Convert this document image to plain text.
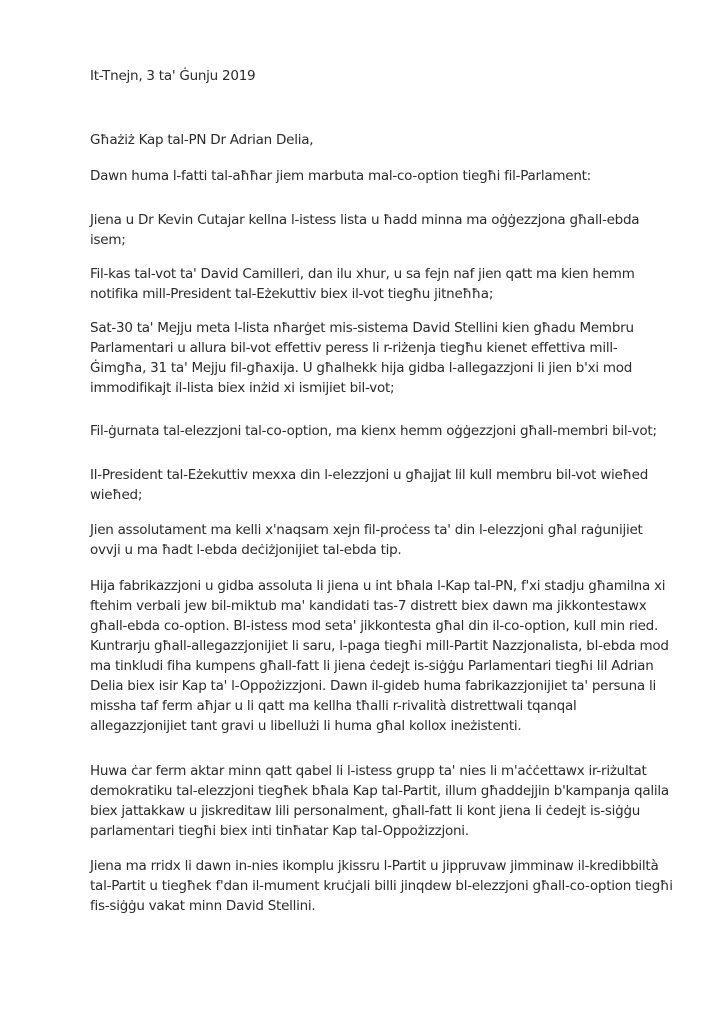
It-Tnejn, 3 ta' Ġunju 2019

Għażiż Kap tal-PN Dr Adrian Delia,

Dawn huma l-fatti tal-aħħar jiem marbuta mal-co-option tiegħi fil-Parlament:

Jiena u Dr Kevin Cutajar kellna l-istess lista u ħadd minna ma oġġezzjona għall-ebda
isem;

Fil-kas tal-vot ta' David Camilleri, dan ilu xhur, u sa fejn naf jien qatt ma kien hemm
notifika mill-President tal-Eżekuttiv biex il-vot tiegħu jitneħħa;

Sat-30 ta' Mejju meta l-lista nħarġet mis-sistema David Stellini kien għadu Membru
Parlamentari u allura bil-vot effettiv peress li r-riżenja tiegħu kienet effettiva mill-
Ġimgħa, 31 ta' Mejju fil-għaxija. U għalhekk hija gidba l-allegazzjoni li jien b'xi mod
immodifikajt il-lista biex inżid xi ismijiet bil-vot;

Fil-ġurnata tal-elezzjoni tal-co-option, ma kienx hemm oġġezzjoni għall-membri bil-vot;

Il-President tal-Eżekuttiv mexxa din l-elezzjoni u għajjat lil kull membru bil-vot wieħed
wieħed;

Jien assolutament ma kelli x'naqsam xejn fil-proċess ta' din l-elezzjoni għal raġunijiet
ovvji u ma ħadt l-ebda deċiżjonijiet tal-ebda tip.

Hija fabrikazzjoni u gidba assoluta li jiena u int bħala l-Kap tal-PN, f'xi stadju għamilna xi
ftehim verbali jew bil-miktub ma' kandidati tas-7 distrett biex dawn ma jikkontestawx
għall-ebda co-option. Bl-istess mod seta' jikkontesta għal din il-co-option, kull min ried.
Kuntrarju għall-allegazzjonijiet li saru, l-paga tiegħi mill-Partit Nazzjonalista, bl-ebda mod
ma tinkludi fiha kumpens għall-fatt li jiena ċedejt is-siġġu Parlamentari tiegħi lil Adrian
Delia biex isir Kap ta' l-Oppożizzjoni. Dawn il-gideb huma fabrikazzjonijiet ta' persuna li
missha taf ferm aħjar u li qatt ma kellha tħalli r-rivalità distrettwali tqanqal
allegazzjonijiet tant gravi u libellużi li huma għal kollox ineżistenti.

Huwa ċar ferm aktar minn qatt qabel li l-istess grupp ta' nies li m'aċċettawx ir-riżultat
demokratiku tal-elezzjoni tiegħek bħala Kap tal-Partit, illum għaddejjin b'kampanja qalila
biex jattakkaw u jiskreditaw lili personalment, għall-fatt li kont jiena li ċedejt is-siġġu
parlamentari tiegħi biex inti tinħatar Kap tal-Oppożizzjoni.

Jiena ma rridx li dawn in-nies ikomplu jkissru l-Partit u jippruvaw jimminaw il-kredibbiltà
tal-Partit u tiegħek f'dan il-mument kruċjali billi jinqdew bl-elezzjoni għall-co-option tiegħi
fis-siġġu vakat minn David Stellini.
